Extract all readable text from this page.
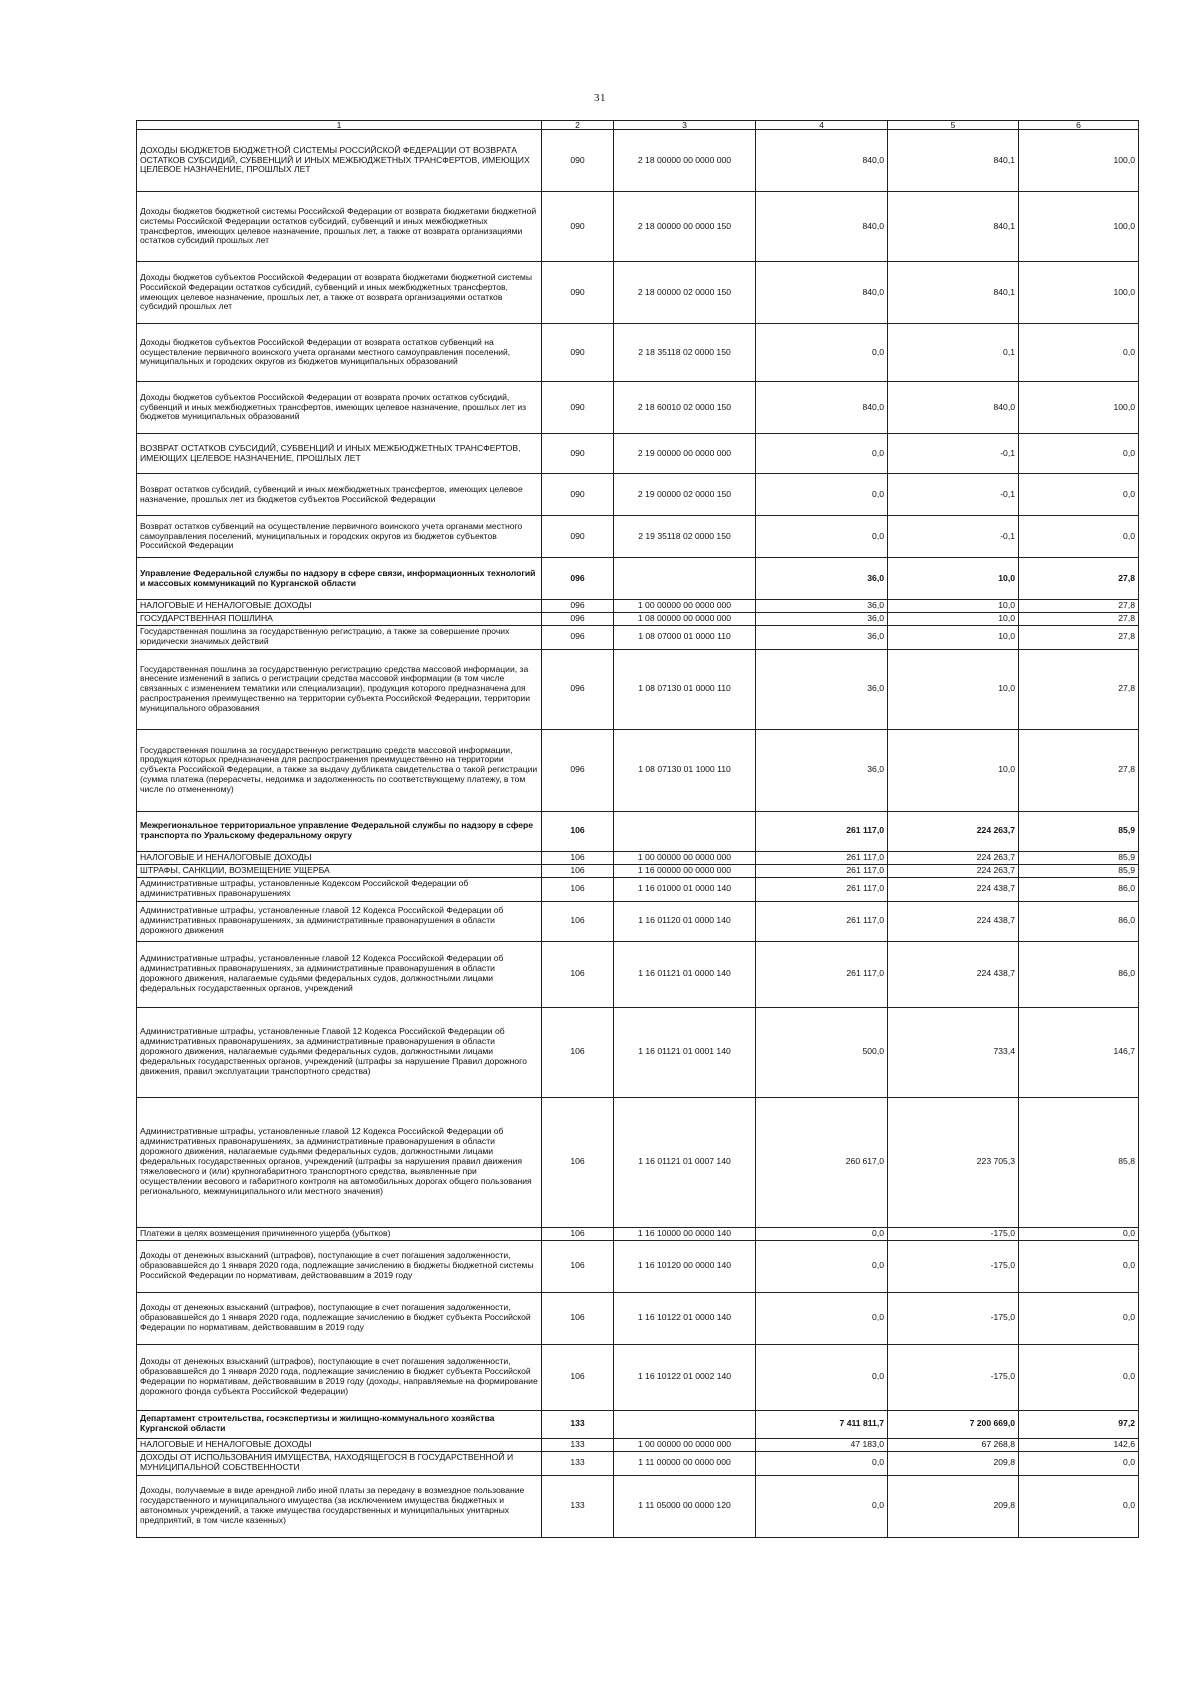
31
1	2	3	4	5	6
ДОХОДЫ БЮДЖЕТОВ БЮДЖЕТНОЙ СИСТЕМЫ РОССИЙСКОЙ ФЕДЕРАЦИИ ОТ ВОЗВРАТА ОСТАТКОВ СУБСИДИЙ, СУБВЕНЦИЙ И ИНЫХ МЕЖБЮДЖЕТНЫХ ТРАНСФЕРТОВ, ИМЕЮЩИХ ЦЕЛЕВОЕ НАЗНАЧЕНИЕ, ПРОШЛЫХ ЛЕТ	090	2 18 00000 00 0000 000	840,0	840,1	100,0
Доходы бюджетов бюджетной системы Российской Федерации от возврата бюджетами бюджетной системы Российской Федерации остатков субсидий, субвенций и иных межбюджетных трансфертов, имеющих целевое назначение, прошлых лет, а также от возврата организациями остатков субсидий прошлых лет	090	2 18 00000 00 0000 150	840,0	840,1	100,0
Доходы бюджетов субъектов Российской Федерации от возврата бюджетами бюджетной системы Российской Федерации остатков субсидий, субвенций и иных межбюджетных трансфертов, имеющих целевое назначение, прошлых лет, а также от возврата организациями остатков субсидий прошлых лет	090	2 18 00000 02 0000 150	840,0	840,1	100,0
Доходы бюджетов субъектов Российской Федерации от возврата остатков субвенций на осуществление первичного воинского учета органами местного самоуправления поселений, муниципальных и городских округов из бюджетов муниципальных образований	090	2 18 35118 02 0000 150	0,0	0,1	0,0
Доходы бюджетов субъектов Российской Федерации от возврата прочих остатков субсидий, субвенций и иных межбюджетных трансфертов, имеющих целевое назначение, прошлых лет из бюджетов муниципальных образований	090	2 18 60010 02 0000 150	840,0	840,0	100,0
ВОЗВРАТ ОСТАТКОВ СУБСИДИЙ, СУБВЕНЦИЙ И ИНЫХ МЕЖБЮДЖЕТНЫХ ТРАНСФЕРТОВ, ИМЕЮЩИХ ЦЕЛЕВОЕ НАЗНАЧЕНИЕ, ПРОШЛЫХ ЛЕТ	090	2 19 00000 00 0000 000	0,0	-0,1	0,0
Возврат остатков субсидий, субвенций и иных межбюджетных трансфертов, имеющих целевое назначение, прошлых лет из бюджетов субъектов Российской Федерации	090	2 19 00000 02 0000 150	0,0	-0,1	0,0
Возврат остатков субвенций на осуществление первичного воинского учета органами местного самоуправления поселений, муниципальных и городских округов из бюджетов субъектов Российской Федерации	090	2 19 35118 02 0000 150	0,0	-0,1	0,0
Управление Федеральной службы по надзору в сфере связи, информационных технологий и массовых коммуникаций по Курганской области	096		36,0	10,0	27,8
НАЛОГОВЫЕ И НЕНАЛОГОВЫЕ ДОХОДЫ	096	1 00 00000 00 0000 000	36,0	10,0	27,8
ГОСУДАРСТВЕННАЯ ПОШЛИНА	096	1 08 00000 00 0000 000	36,0	10,0	27,8
Государственная пошлина за государственную регистрацию, а также за совершение прочих юридически значимых действий	096	1 08 07000 01 0000 110	36,0	10,0	27,8
Государственная пошлина за государственную регистрацию средства массовой информации, за внесение изменений в запись о регистрации средства массовой информации (в том числе связанных с изменением тематики или специализации), продукция которого предназначена для распространения преимущественно на территории субъекта Российской Федерации, территории муниципального образования	096	1 08 07130 01 0000 110	36,0	10,0	27,8
Государственная пошлина за государственную регистрацию средств массовой информации, продукция которых предназначена для распространения преимущественно на территории субъекта Российской Федерации, а также за выдачу дубликата свидетельства о такой регистрации (сумма платежа (перерасчеты, недоимка и задолженность по соответствующему платежу, в том числе по отмененному)	096	1 08 07130 01 1000 110	36,0	10,0	27,8
Межрегиональное территориальное управление Федеральной службы по надзору в сфере транспорта по Уральскому федеральному округу	106		261 117,0	224 263,7	85,9
НАЛОГОВЫЕ И НЕНАЛОГОВЫЕ ДОХОДЫ	106	1 00 00000 00 0000 000	261 117,0	224 263,7	85,9
ШТРАФЫ, САНКЦИИ, ВОЗМЕЩЕНИЕ УЩЕРБА	106	1 16 00000 00 0000 000	261 117,0	224 263,7	85,9
Административные штрафы, установленные Кодексом Российской Федерации об административных правонарушениях	106	1 16 01000 01 0000 140	261 117,0	224 438,7	86,0
Административные штрафы, установленные главой 12 Кодекса Российской Федерации об административных правонарушениях, за административные правонарушения в области дорожного движения	106	1 16 01120 01 0000 140	261 117,0	224 438,7	86,0
Административные штрафы, установленные главой 12 Кодекса Российской Федерации об административных правонарушениях, за административные правонарушения в области дорожного движения, налагаемые судьями федеральных судов, должностными лицами федеральных государственных органов, учреждений	106	1 16 01121 01 0000 140	261 117,0	224 438,7	86,0
Административные штрафы, установленные Главой 12 Кодекса Российской Федерации об административных правонарушениях, за административные правонарушения в области дорожного движения, налагаемые судьями федеральных судов, должностными лицами федеральных государственных органов, учреждений (штрафы за нарушение Правил дорожного движения, правил эксплуатации транспортного средства)	106	1 16 01121 01 0001 140	500,0	733,4	146,7
Административные штрафы, установленные главой 12 Кодекса Российской Федерации об административных правонарушениях, за административные правонарушения в области дорожного движения, налагаемые судьями федеральных судов, должностными лицами федеральных государственных органов, учреждений (штрафы за нарушения правил движения тяжеловесного и (или) крупногабаритного транспортного средства, выявленные при осуществлении весового и габаритного контроля на автомобильных дорогах общего пользования регионального, межмуниципального или местного значения)	106	1 16 01121 01 0007 140	260 617,0	223 705,3	85,8
Платежи в целях возмещения причиненного ущерба (убытков)	106	1 16 10000 00 0000 140	0,0	-175,0	0,0
Доходы от денежных взысканий (штрафов), поступающие в счет погашения задолженности, образовавшейся до 1 января 2020 года, подлежащие зачислению в бюджеты бюджетной системы Российской Федерации по нормативам, действовавшим в 2019 году	106	1 16 10120 00 0000 140	0,0	-175,0	0,0
Доходы от денежных взысканий (штрафов), поступающие в счет погашения задолженности, образовавшейся до 1 января 2020 года, подлежащие зачислению в бюджет субъекта Российской Федерации по нормативам, действовавшим в 2019 году	106	1 16 10122 01 0000 140	0,0	-175,0	0,0
Доходы от денежных взысканий (штрафов), поступающие в счет погашения задолженности, образовавшейся до 1 января 2020 года, подлежащие зачислению в бюджет субъекта Российской Федерации по нормативам, действовавшим в 2019 году (доходы, направляемые на формирование дорожного фонда субъекта Российской Федерации)	106	1 16 10122 01 0002 140	0,0	-175,0	0,0
Департамент строительства, госэкспертизы и жилищно-коммунального хозяйства Курганской области	133		7 411 811,7	7 200 669,0	97,2
НАЛОГОВЫЕ И НЕНАЛОГОВЫЕ ДОХОДЫ	133	1 00 00000 00 0000 000	47 183,0	67 268,8	142,6
ДОХОДЫ ОТ ИСПОЛЬЗОВАНИЯ ИМУЩЕСТВА, НАХОДЯЩЕГОСЯ В ГОСУДАРСТВЕННОЙ И МУНИЦИПАЛЬНОЙ СОБСТВЕННОСТИ	133	1 11 00000 00 0000 000	0,0	209,8	0,0
Доходы, получаемые в виде арендной либо иной платы за передачу в возмездное пользование государственного и муниципального имущества (за исключением имущества бюджетных и автономных учреждений, а также имущества государственных и муниципальных унитарных предприятий, в том числе казенных)	133	1 11 05000 00 0000 120	0,0	209,8	0,0
